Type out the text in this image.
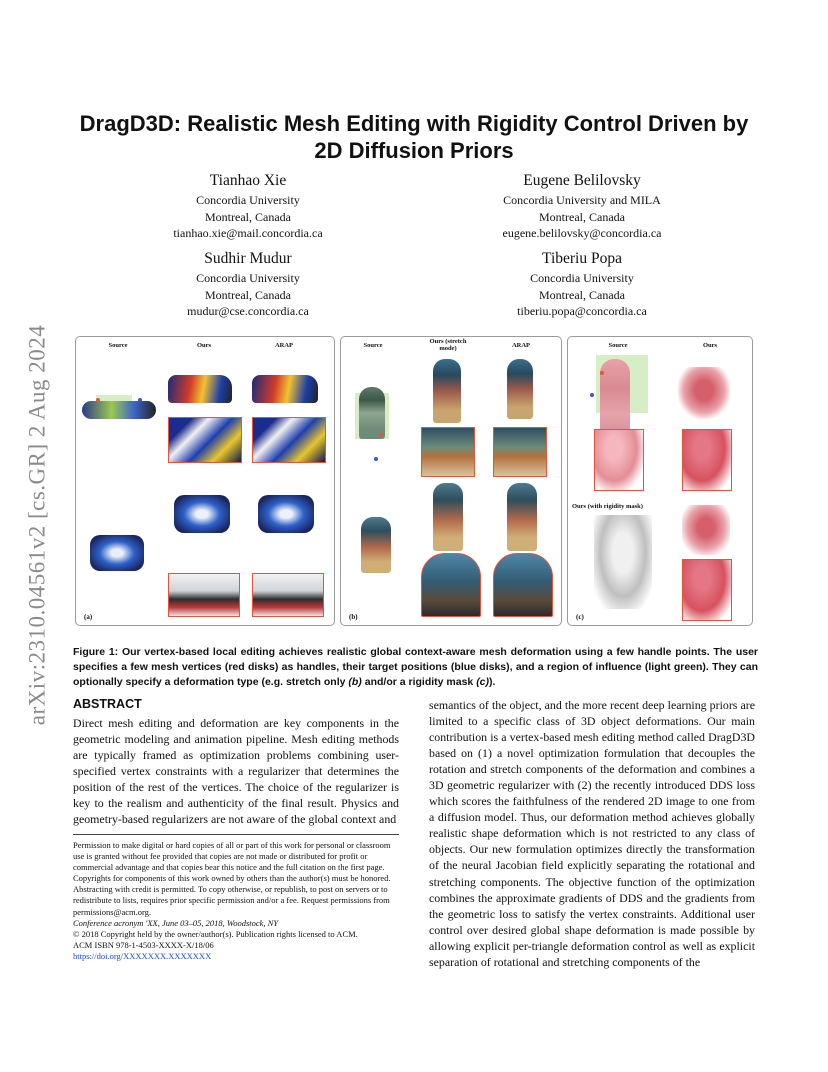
arXiv:2310.04561v2 [cs.GR] 2 Aug 2024
DragD3D: Realistic Mesh Editing with Rigidity Control Driven by
2D Diffusion Priors
Tianhao Xie
Concordia University
Montreal, Canada
tianhao.xie@mail.concordia.ca
Eugene Belilovsky
Concordia University and MILA
Montreal, Canada
eugene.belilovsky@concordia.ca
Sudhir Mudur
Concordia University
Montreal, Canada
mudur@cse.concordia.ca
Tiberiu Popa
Concordia University
Montreal, Canada
tiberiu.popa@concordia.ca
Source	Ours	ARAP
(a)
Source
Ours (stretch mode)	ARAP
(b)
Source	Ours
Ours (with rigidity mask)
(c)
Figure 1: Our vertex-based local editing achieves realistic global context-aware mesh deformation using a few handle points. The user specifies a few mesh vertices (red disks) as handles, their target positions (blue disks), and a region of influence (light green). They can optionally specify a deformation type (e.g. stretch only (b) and/or a rigidity mask (c)).
ABSTRACT
Direct mesh editing and deformation are key components in the geometric modeling and animation pipeline. Mesh editing methods are typically framed as optimization problems combining user-specified vertex constraints with a regularizer that determines the position of the rest of the vertices. The choice of the regularizer is key to the realism and authenticity of the final result. Physics and geometry-based regularizers are not aware of the global context and
semantics of the object, and the more recent deep learning priors are limited to a specific class of 3D object deformations. Our main contribution is a vertex-based mesh editing method called DragD3D based on (1) a novel optimization formulation that decouples the rotation and stretch components of the deformation and combines a 3D geometric regularizer with (2) the recently introduced DDS loss which scores the faithfulness of the rendered 2D image to one from a diffusion model. Thus, our deformation method achieves globally realistic shape deformation which is not restricted to any class of objects. Our new formulation optimizes directly the transformation of the neural Jacobian field explicitly separating the rotational and stretching components. The objective function of the optimization combines the approximate gradients of DDS and the gradients from the geometric loss to satisfy the vertex constraints. Additional user control over desired global shape deformation is made possible by allowing explicit per-triangle deformation control as well as explicit separation of rotational and stretching components of the
Permission to make digital or hard copies of all or part of this work for personal or classroom use is granted without fee provided that copies are not made or distributed for profit or commercial advantage and that copies bear this notice and the full citation on the first page. Copyrights for components of this work owned by others than the author(s) must be honored. Abstracting with credit is permitted. To copy otherwise, or republish, to post on servers or to redistribute to lists, requires prior specific permission and/or a fee. Request permissions from permissions@acm.org.
Conference acronym 'XX, June 03–05, 2018, Woodstock, NY
© 2018 Copyright held by the owner/author(s). Publication rights licensed to ACM.
ACM ISBN 978-1-4503-XXXX-X/18/06
https://doi.org/XXXXXXX.XXXXXXX
